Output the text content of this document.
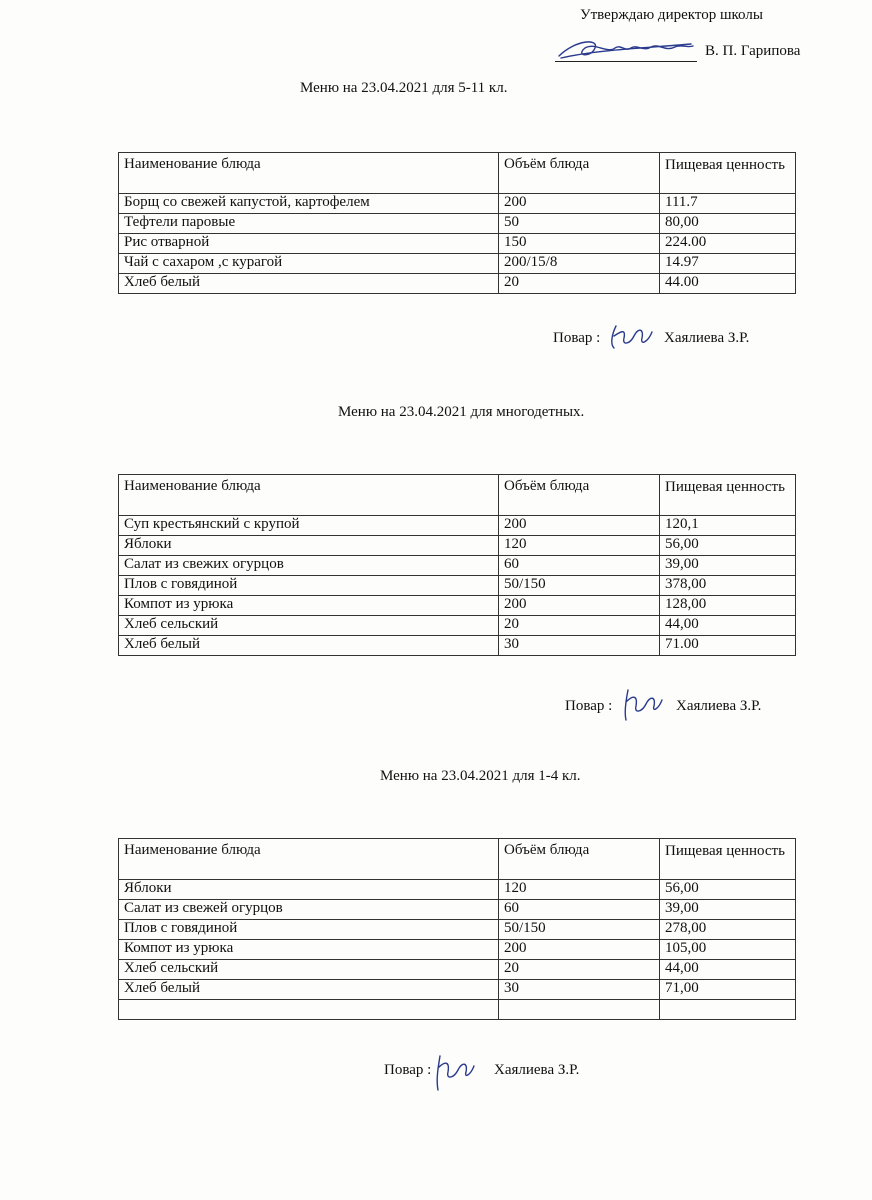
Утверждаю директор школы
В. П. Гарипова
Меню на 23.04.2021 для 5-11 кл.
Наименование блюда	Объём блюда	Пищевая ценность
Борщ со свежей капустой, картофелем	200	111.7
Тефтели паровые	50	80,00
Рис отварной	150	224.00
Чай с сахаром ,с курагой	200/15/8	14.97
Хлеб белый	20	44.00
Повар :	Хаялиева З.Р.
Меню на 23.04.2021 для многодетных.
Наименование блюда	Объём блюда	Пищевая ценность
Суп крестьянский с крупой	200	120,1
Яблоки	120	56,00
Салат из свежих огурцов	60	39,00
Плов с говядиной	50/150	378,00
Компот из урюка	200	128,00
Хлеб сельский	20	44,00
Хлеб белый	30	71.00
Повар :	Хаялиева З.Р.
Меню на 23.04.2021 для 1-4 кл.
Наименование блюда	Объём блюда	Пищевая ценность
Яблоки	120	56,00
Салат из свежей огурцов	60	39,00
Плов с говядиной	50/150	278,00
Компот из урюка	200	105,00
Хлеб сельский	20	44,00
Хлеб белый	30	71,00

Повар :	Хаялиева З.Р.
